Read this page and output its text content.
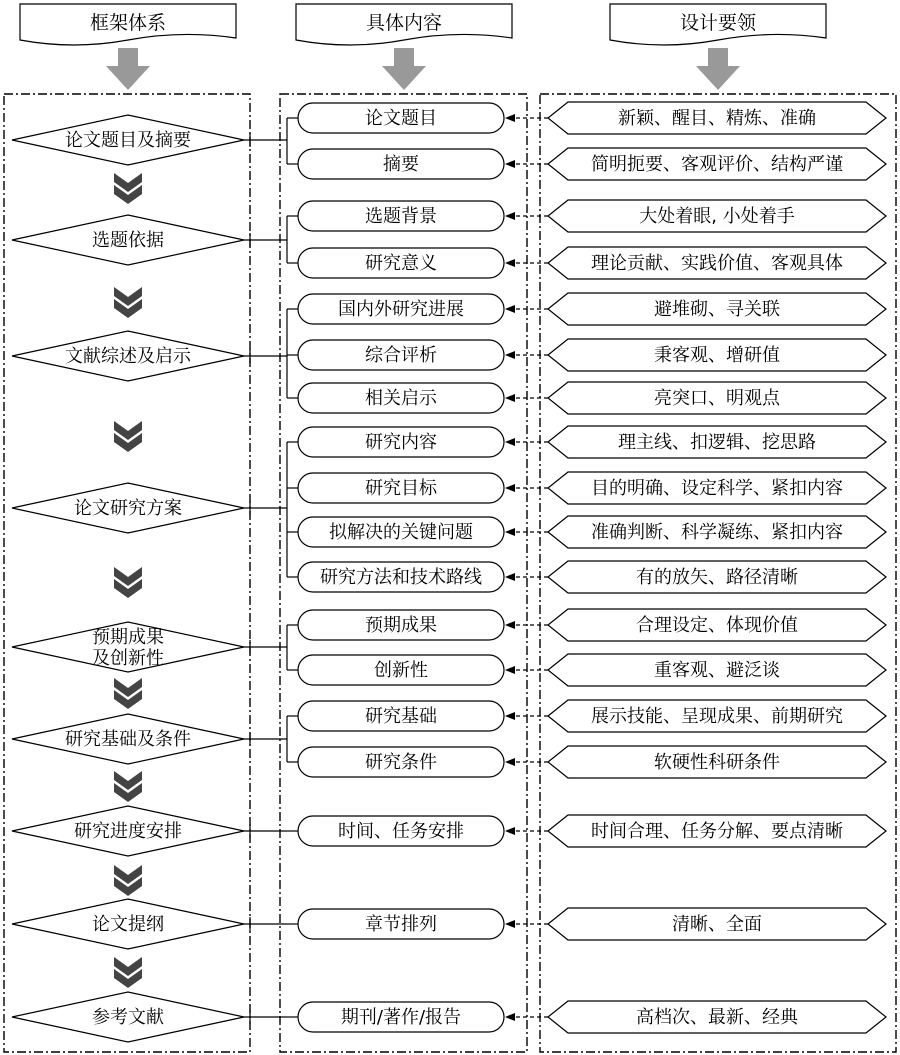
框架体系	具体内容	设计要领
论文题目及摘要
论文题目	新颖、醒目、精炼、准确
摘要	简明扼要、客观评价、结构严谨
选题依据
选题背景	大处着眼, 小处着手
研究意义	理论贡献、实践价值、客观具体
文献综述及启示
国内外研究进展	避堆砌、寻关联
综合评析	秉客观、增研值
相关启示	亮突口、明观点
论文研究方案
研究内容	理主线、扣逻辑、挖思路
研究目标	目的明确、设定科学、紧扣内容
拟解决的关键问题	准确判断、科学凝练、紧扣内容
研究方法和技术路线	有的放矢、路径清晰
预期成果
及创新性
预期成果	合理设定、体现价值
创新性	重客观、避泛谈
研究基础及条件
研究基础	展示技能、呈现成果、前期研究
研究条件	软硬性科研条件
研究进度安排	时间、任务安排	时间合理、任务分解、要点清晰
论文提纲	章节排列	清晰、全面
参考文献	期刊/著作/报告	高档次、最新、经典
